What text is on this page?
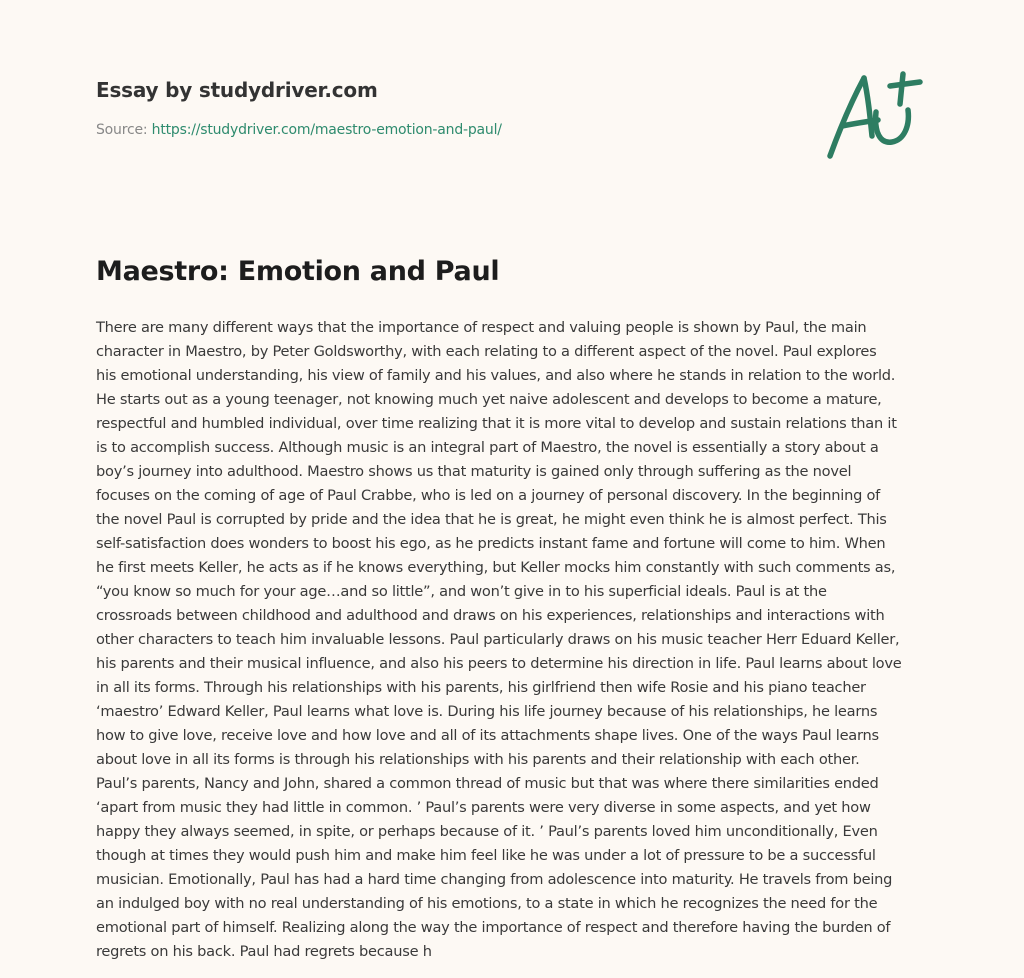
Essay by studydriver.com
Source: https://studydriver.com/maestro-emotion-and-paul/
Maestro: Emotion and Paul
There are many different ways that the importance of respect and valuing people is shown by Paul, the main
character in Maestro, by Peter Goldsworthy, with each relating to a different aspect of the novel. Paul explores
his emotional understanding, his view of family and his values, and also where he stands in relation to the world.
He starts out as a young teenager, not knowing much yet naive adolescent and develops to become a mature,
respectful and humbled individual, over time realizing that it is more vital to develop and sustain relations than it
is to accomplish success. Although music is an integral part of Maestro, the novel is essentially a story about a
boy’s journey into adulthood. Maestro shows us that maturity is gained only through suffering as the novel
focuses on the coming of age of Paul Crabbe, who is led on a journey of personal discovery. In the beginning of
the novel Paul is corrupted by pride and the idea that he is great, he might even think he is almost perfect. This
self-satisfaction does wonders to boost his ego, as he predicts instant fame and fortune will come to him. When
he first meets Keller, he acts as if he knows everything, but Keller mocks him constantly with such comments as,
“you know so much for your age…and so little”, and won’t give in to his superficial ideals. Paul is at the
crossroads between childhood and adulthood and draws on his experiences, relationships and interactions with
other characters to teach him invaluable lessons. Paul particularly draws on his music teacher Herr Eduard Keller,
his parents and their musical influence, and also his peers to determine his direction in life. Paul learns about love
in all its forms. Through his relationships with his parents, his girlfriend then wife Rosie and his piano teacher
‘maestro’ Edward Keller, Paul learns what love is. During his life journey because of his relationships, he learns
how to give love, receive love and how love and all of its attachments shape lives. One of the ways Paul learns
about love in all its forms is through his relationships with his parents and their relationship with each other.
Paul’s parents, Nancy and John, shared a common thread of music but that was where there similarities ended
‘apart from music they had little in common. ’ Paul’s parents were very diverse in some aspects, and yet how
happy they always seemed, in spite, or perhaps because of it. ’ Paul’s parents loved him unconditionally, Even
though at times they would push him and make him feel like he was under a lot of pressure to be a successful
musician. Emotionally, Paul has had a hard time changing from adolescence into maturity. He travels from being
an indulged boy with no real understanding of his emotions, to a state in which he recognizes the need for the
emotional part of himself. Realizing along the way the importance of respect and therefore having the burden of
regrets on his back. Paul had regrets because h
